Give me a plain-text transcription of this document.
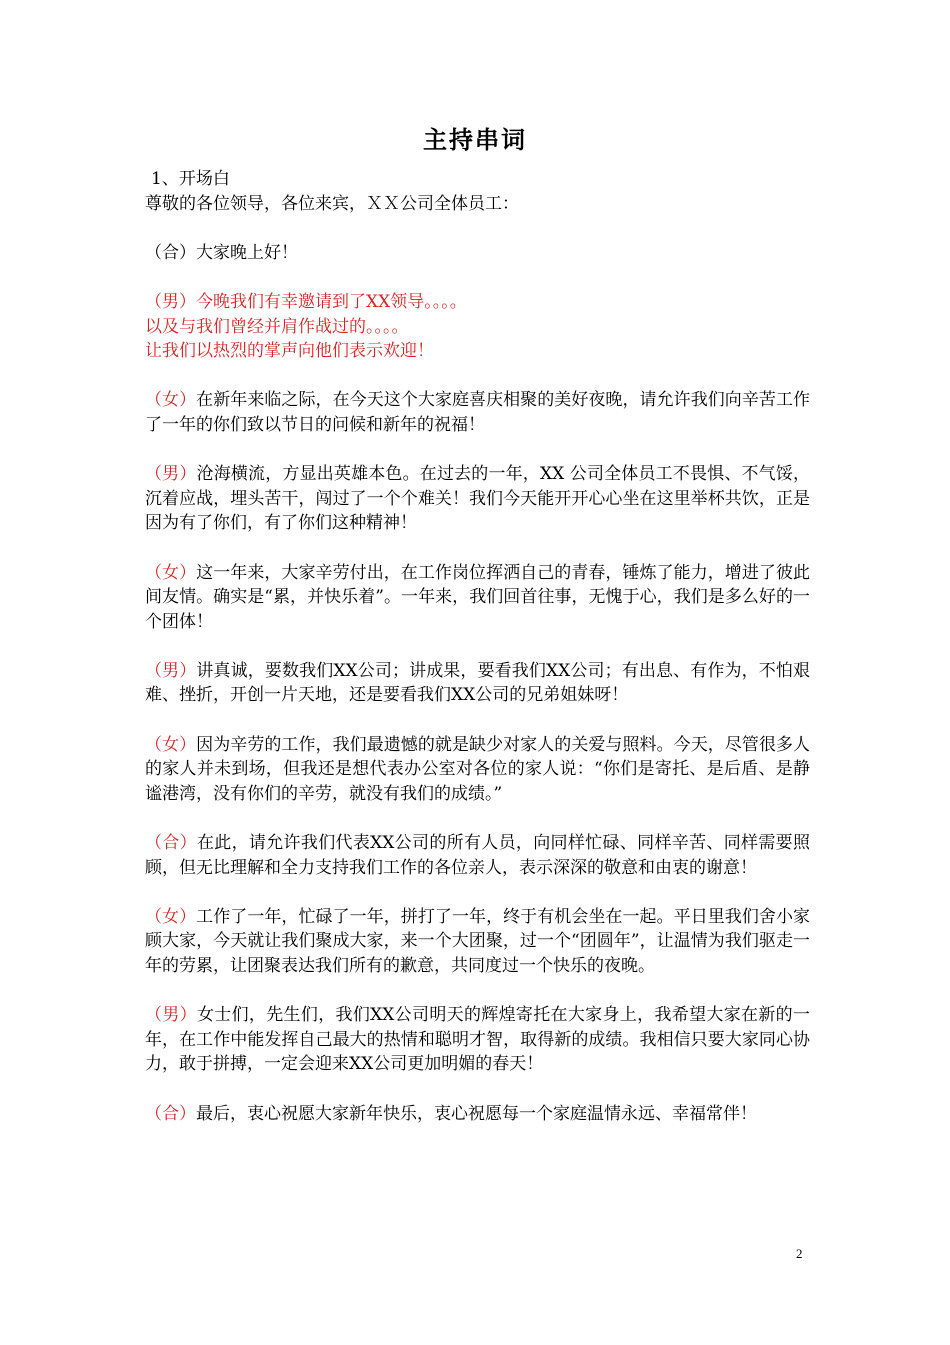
主持串词

1、开场白

尊敬的各位领导，各位来宾，ＸＸ公司全体员工：

（合）大家晚上好！

（男）今晚我们有幸邀请到了XX领导。。。。

以及与我们曾经并肩作战过的。。。。

让我们以热烈的掌声向他们表示欢迎！

（女）在新年来临之际，在今天这个大家庭喜庆相聚的美好夜晚，请允许我们向辛苦工作了一年的你们致以节日的问候和新年的祝福！

（男）沧海横流，方显出英雄本色。在过去的一年，XX 公司全体员工不畏惧、不气馁，沉着应战，埋头苦干，闯过了一个个难关！我们今天能开开心心坐在这里举杯共饮，正是因为有了你们，有了你们这种精神！

（女）这一年来，大家辛劳付出，在工作岗位挥洒自己的青春，锤炼了能力，增进了彼此间友情。确实是“累，并快乐着”。一年来，我们回首往事，无愧于心，我们是多么好的一个团体！

（男）讲真诚，要数我们XX公司；讲成果，要看我们XX公司；有出息、有作为，不怕艰难、挫折，开创一片天地，还是要看我们XX公司的兄弟姐妹呀！

（女）因为辛劳的工作，我们最遗憾的就是缺少对家人的关爱与照料。今天，尽管很多人的家人并未到场，但我还是想代表办公室对各位的家人说：“你们是寄托、是后盾、是静谧港湾，没有你们的辛劳，就没有我们的成绩。”

（合）在此，请允许我们代表XX公司的所有人员，向同样忙碌、同样辛苦、同样需要照顾，但无比理解和全力支持我们工作的各位亲人，表示深深的敬意和由衷的谢意！

（女）工作了一年，忙碌了一年，拼打了一年，终于有机会坐在一起。平日里我们舍小家顾大家，今天就让我们聚成大家，来一个大团聚，过一个“团圆年”，让温情为我们驱走一年的劳累，让团聚表达我们所有的歉意，共同度过一个快乐的夜晚。

（男）女士们，先生们，我们XX公司明天的辉煌寄托在大家身上，我希望大家在新的一年，在工作中能发挥自己最大的热情和聪明才智，取得新的成绩。我相信只要大家同心协力，敢于拼搏，一定会迎来XX公司更加明媚的春天！

（合）最后，衷心祝愿大家新年快乐，衷心祝愿每一个家庭温情永远、幸福常伴！

2
